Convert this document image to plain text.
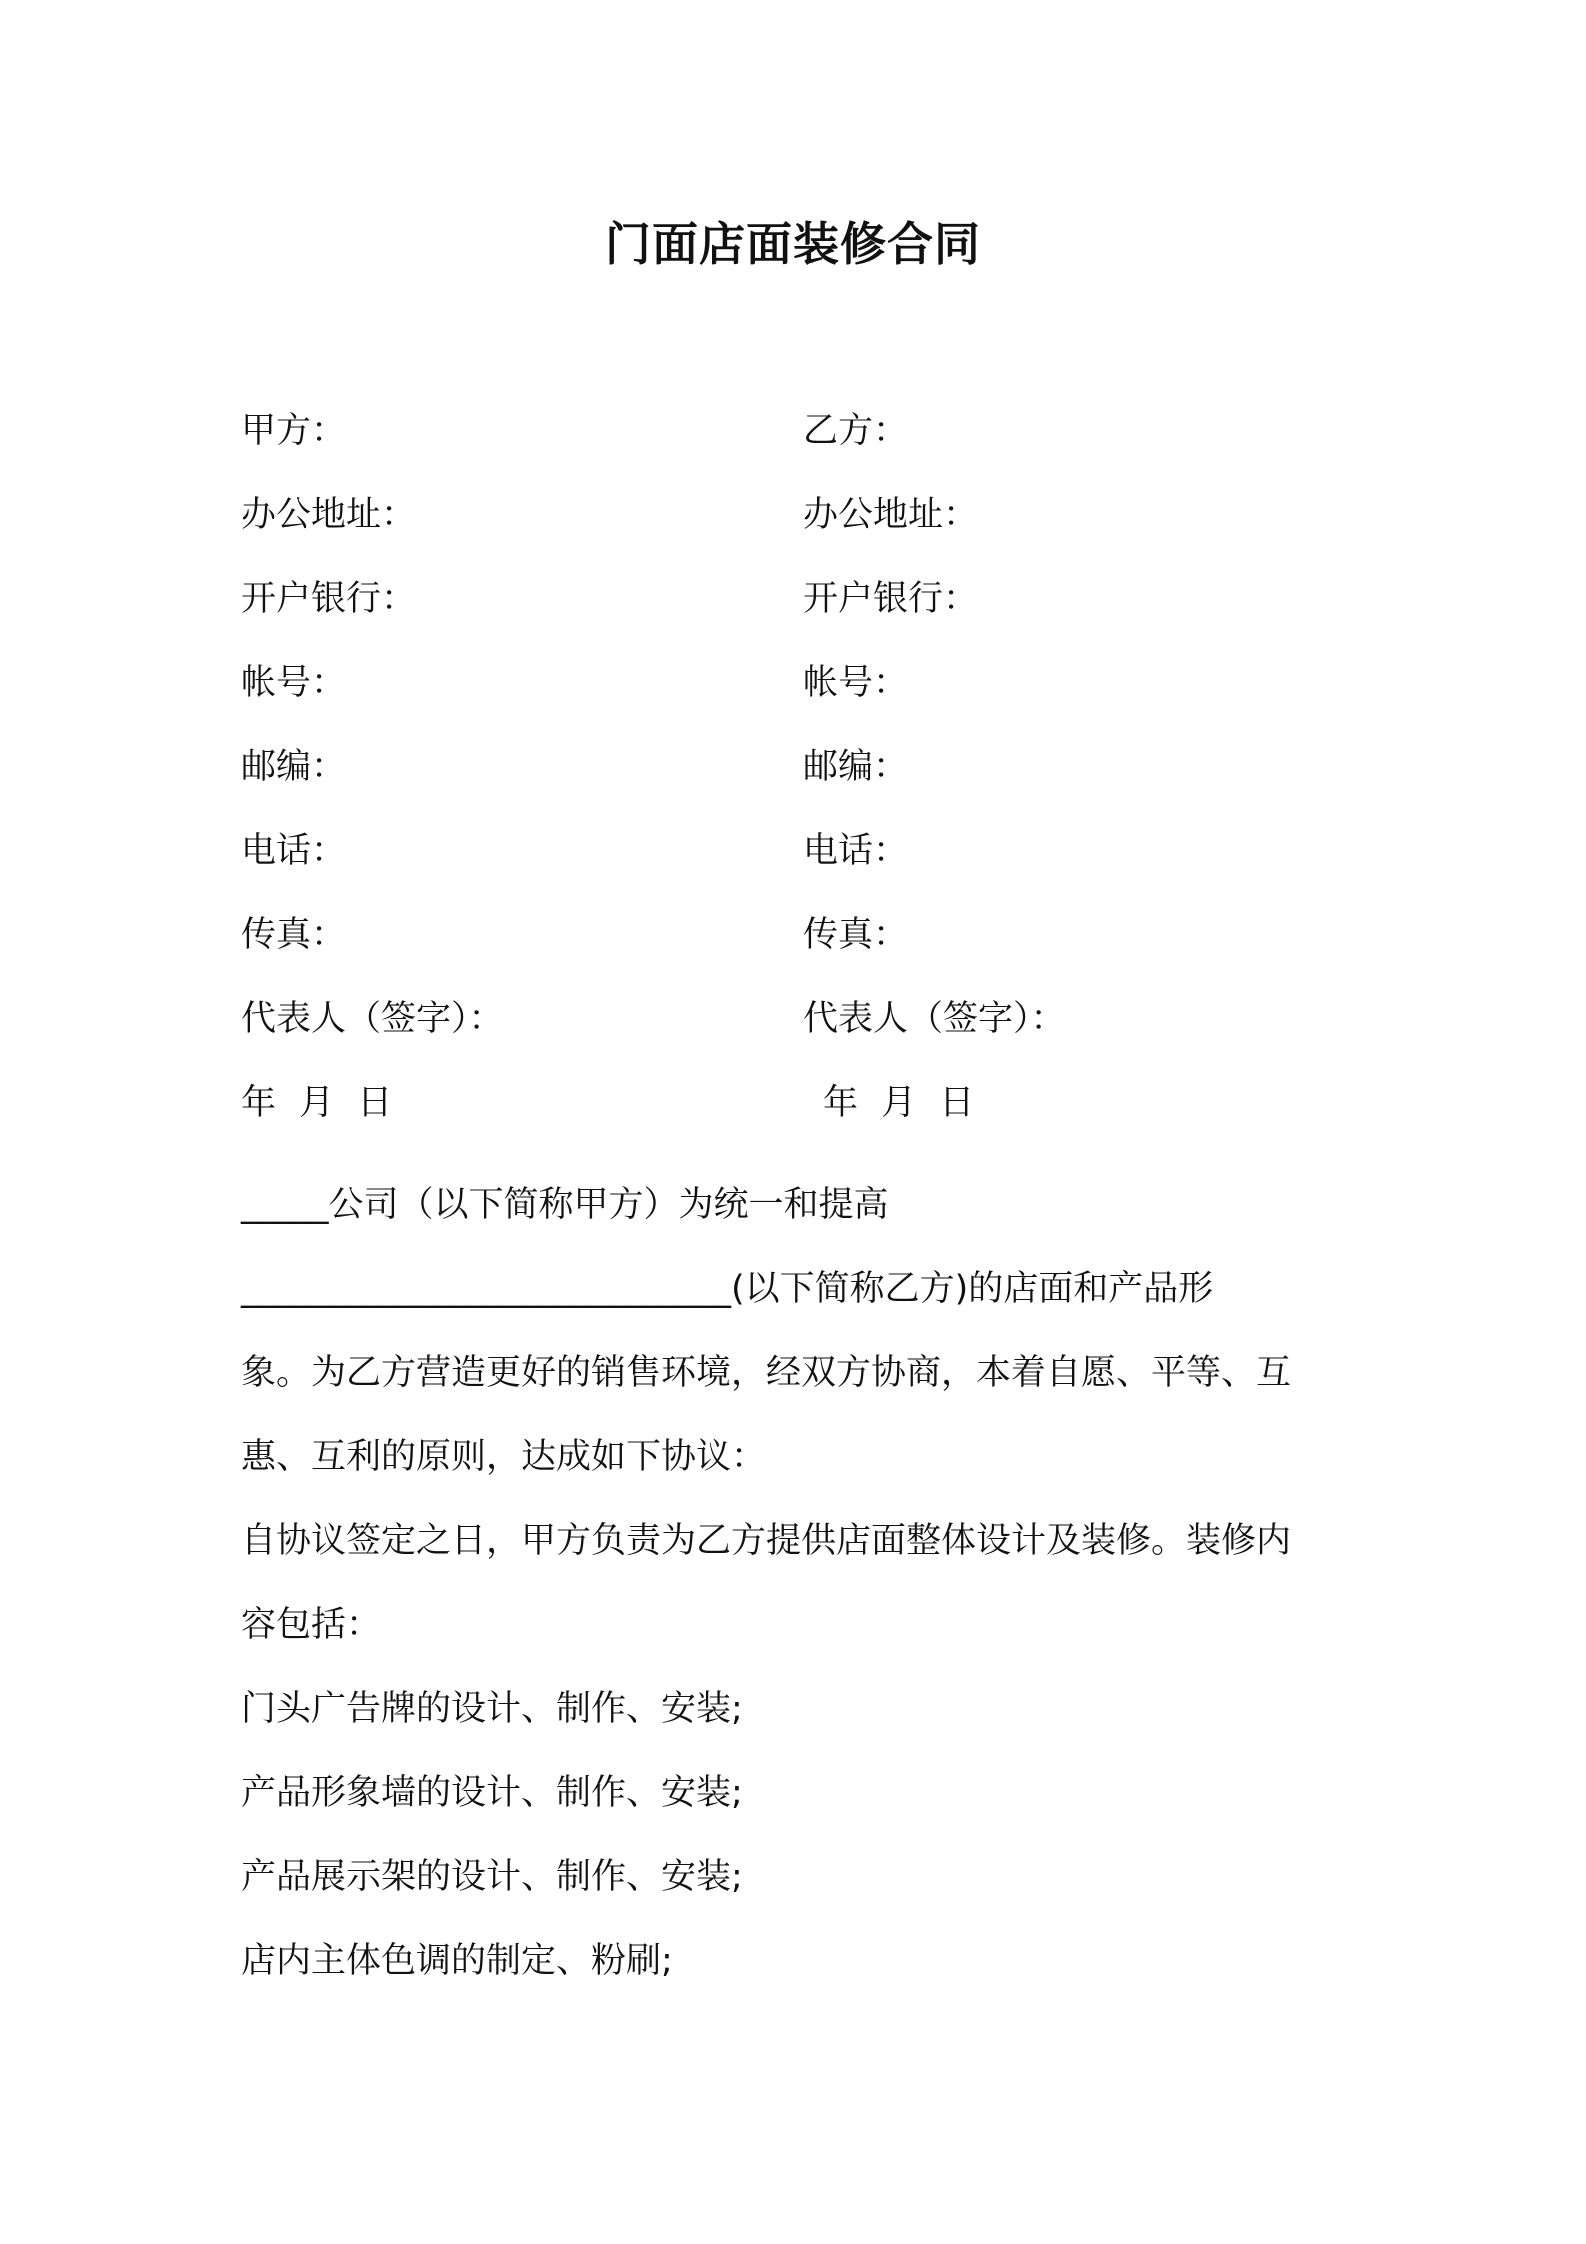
门面店面装修合同
甲方：	乙方：
办公地址：	办公地址：
开户银行：	开户银行：
帐号：	帐号：
邮编：	邮编：
电话：	电话：
传真：	传真：
代表人（签字）：	代表人（签字）：
年 月 日	年 月 日

_____公司（以下简称甲方）为统一和提高

____________________________(以下简称乙方)的店面和产品形

象。为乙方营造更好的销售环境，经双方协商，本着自愿、平等、互

惠、互利的原则，达成如下协议：

自协议签定之日，甲方负责为乙方提供店面整体设计及装修。装修内

容包括：

门头广告牌的设计、制作、安装;

产品形象墙的设计、制作、安装;

产品展示架的设计、制作、安装;

店内主体色调的制定、粉刷;
